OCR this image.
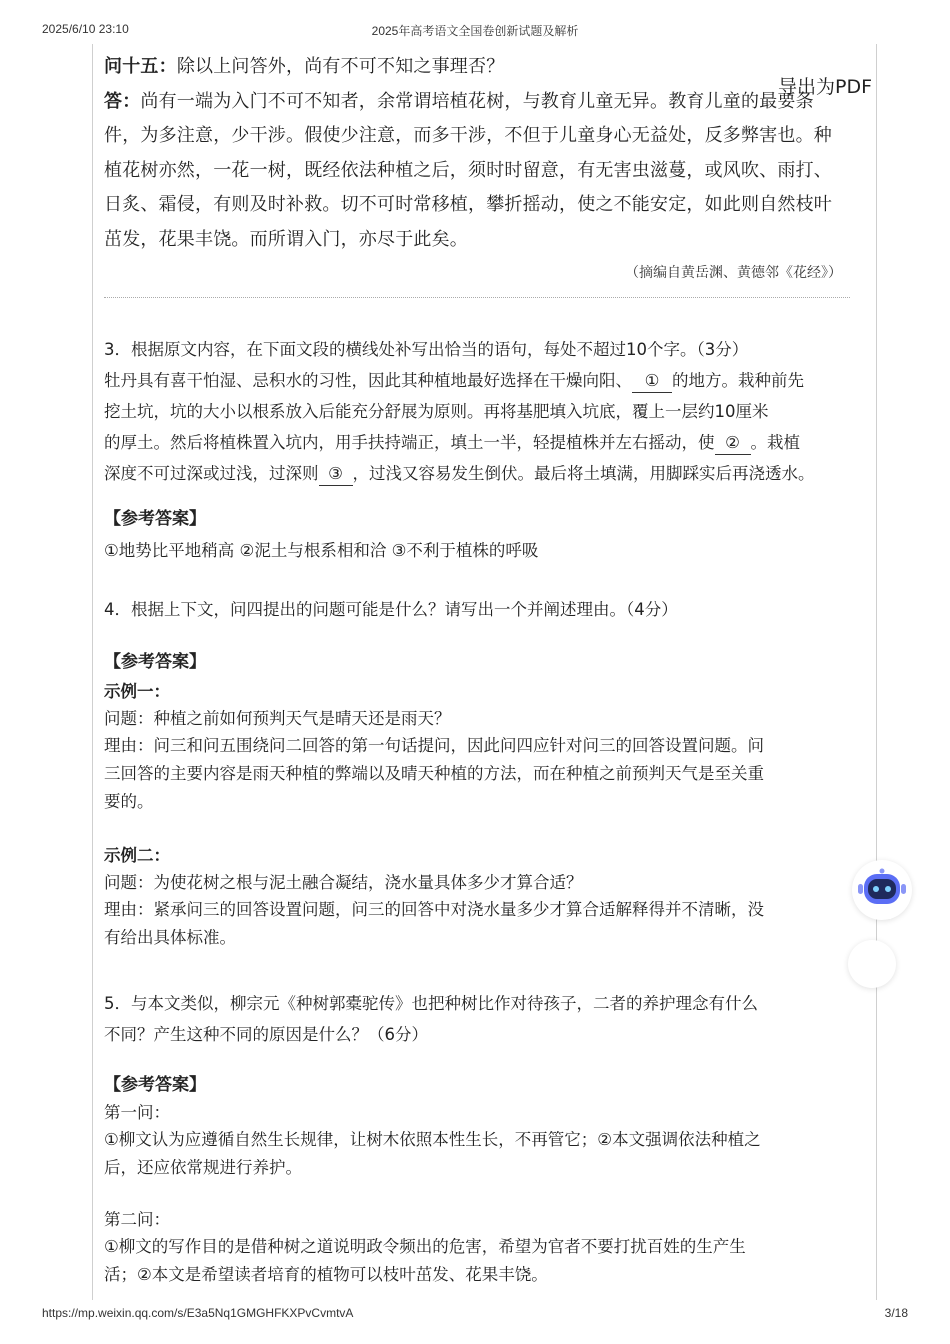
2025/6/10 23:10	2025年高考语文全国卷创新试题及解析
导出为PDF

问十五：除以上问答外，尚有不可不知之事理否？

答：尚有一端为入门不可不知者，余常谓培植花树，与教育儿童无异。教育儿童的最要条

件，为多注意，少干涉。假使少注意，而多干涉，不但于儿童身心无益处，反多弊害也。种

植花树亦然，一花一树，既经依法种植之后，须时时留意，有无害虫滋蔓，或风吹、雨打、

日炙、霜侵，有则及时补救。切不可时常移植，攀折摇动，使之不能安定，如此则自然枝叶

茁发，花果丰饶。而所谓入门，亦尽于此矣。

（摘编自黄岳渊、黄德邻《花经》）

3．根据原文内容，在下面文段的横线处补写出恰当的语句，每处不超过10个字。（3分）

牡丹具有喜干怕湿、忌积水的习性，因此其种植地最好选择在干燥向阳、 ① 的地方。栽种前先

挖土坑，坑的大小以根系放入后能充分舒展为原则。再将基肥填入坑底，覆上一层约10厘米

的厚土。然后将植株置入坑内，用手扶持端正，填土一半，轻提植株并左右摇动，使 ② 。栽植

深度不可过深或过浅，过深则 ③ ，过浅又容易发生倒伏。最后将土填满，用脚踩实后再浇透水。

【参考答案】

①地势比平地稍高 ②泥土与根系相和洽 ③不利于植株的呼吸

4．根据上下文，问四提出的问题可能是什么？请写出一个并阐述理由。（4分）

【参考答案】

示例一：

问题：种植之前如何预判天气是晴天还是雨天？

理由：问三和问五围绕问二回答的第一句话提问，因此问四应针对问三的回答设置问题。问

三回答的主要内容是雨天种植的弊端以及晴天种植的方法，而在种植之前预判天气是至关重

要的。

示例二：

问题：为使花树之根与泥土融合凝结，浇水量具体多少才算合适？

理由：紧承问三的回答设置问题，问三的回答中对浇水量多少才算合适解释得并不清晰，没

有给出具体标准。

5．与本文类似，柳宗元《种树郭橐驼传》也把种树比作对待孩子，二者的养护理念有什么

不同？产生这种不同的原因是什么？（6分）

【参考答案】

第一问：

①柳文认为应遵循自然生长规律，让树木依照本性生长，不再管它；②本文强调依法种植之

后，还应依常规进行养护。

第二问：

①柳文的写作目的是借种树之道说明政令频出的危害，希望为官者不要打扰百姓的生产生

活；②本文是希望读者培育的植物可以枝叶茁发、花果丰饶。

https://mp.weixin.qq.com/s/E3a5Nq1GMGHFKXPvCvmtvA	3/18
